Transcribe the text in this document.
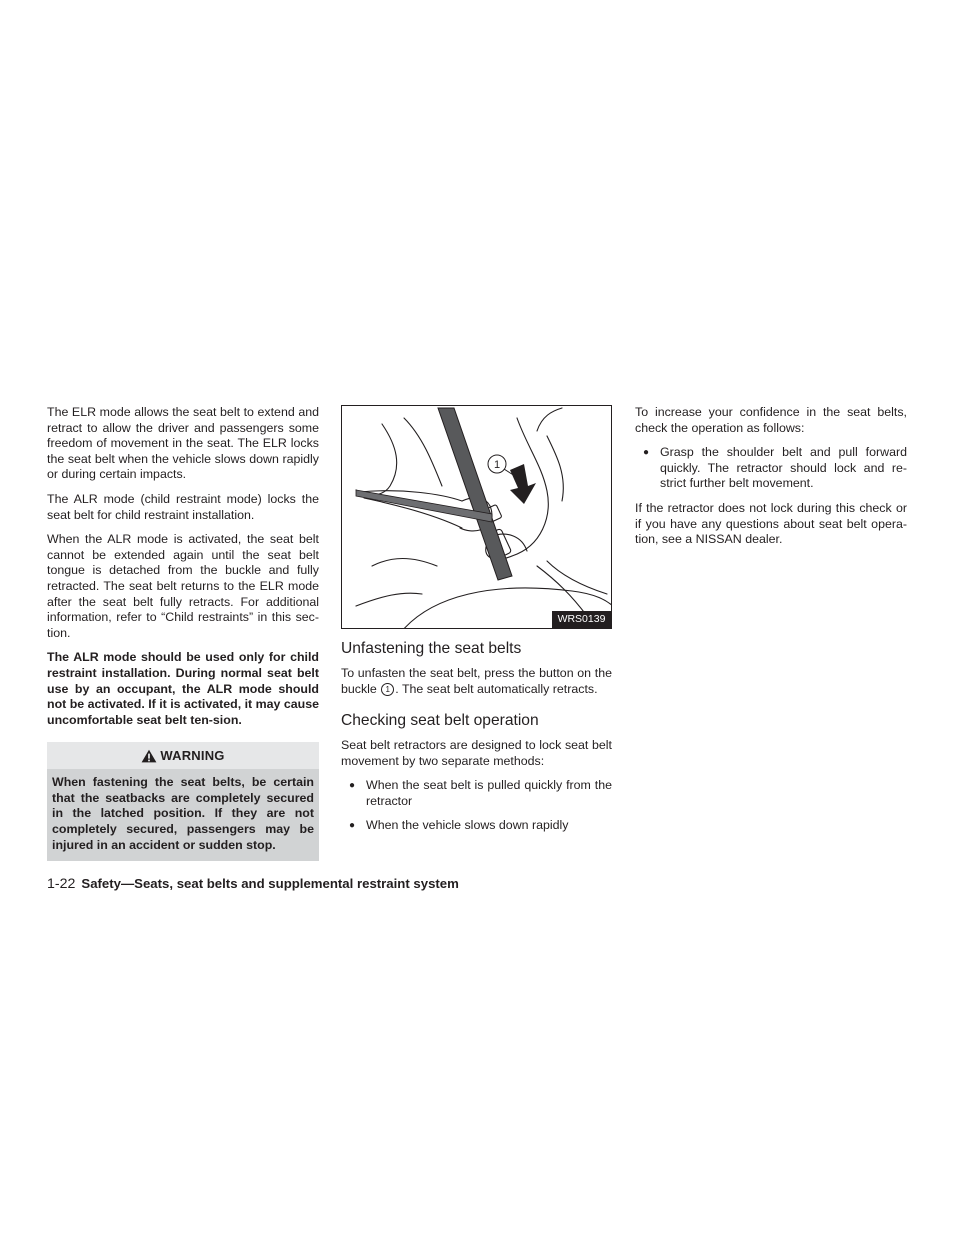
The ELR mode allows the seat belt to extend and retract to allow the driver and passengers some freedom of movement in the seat. The ELR locks the seat belt when the vehicle slows down rapidly or during certain impacts.

The ALR mode (child restraint mode) locks the seat belt for child restraint installation.

When the ALR mode is activated, the seat belt cannot be extended again until the seat belt tongue is detached from the buckle and fully retracted. The seat belt returns to the ELR mode after the seat belt fully retracts. For additional information, refer to “Child restraints” in this sec-tion.

The ALR mode should be used only for child restraint installation. During normal seat belt use by an occupant, the ALR mode should not be activated. If it is activated, it may cause uncomfortable seat belt ten-sion.

WARNING
When fastening the seat belts, be certain that the seatbacks are completely secured in the latched position. If they are not completely secured, passengers may be injured in an accident or sudden stop.
1
WRS0139
Unfastening the seat belts

To unfasten the seat belt, press the button on the buckle 1 . The seat belt automatically retracts.

Checking seat belt operation

Seat belt retractors are designed to lock seat belt movement by two separate methods:

● When the seat belt is pulled quickly from the retractor
● When the vehicle slows down rapidly

To increase your confidence in the seat belts, check the operation as follows:

● Grasp the shoulder belt and pull forward quickly. The retractor should lock and re-strict further belt movement.

If the retractor does not lock during this check or if you have any questions about seat belt opera-tion, see a NISSAN dealer.

1-22 Safety—Seats, seat belts and supplemental restraint system
